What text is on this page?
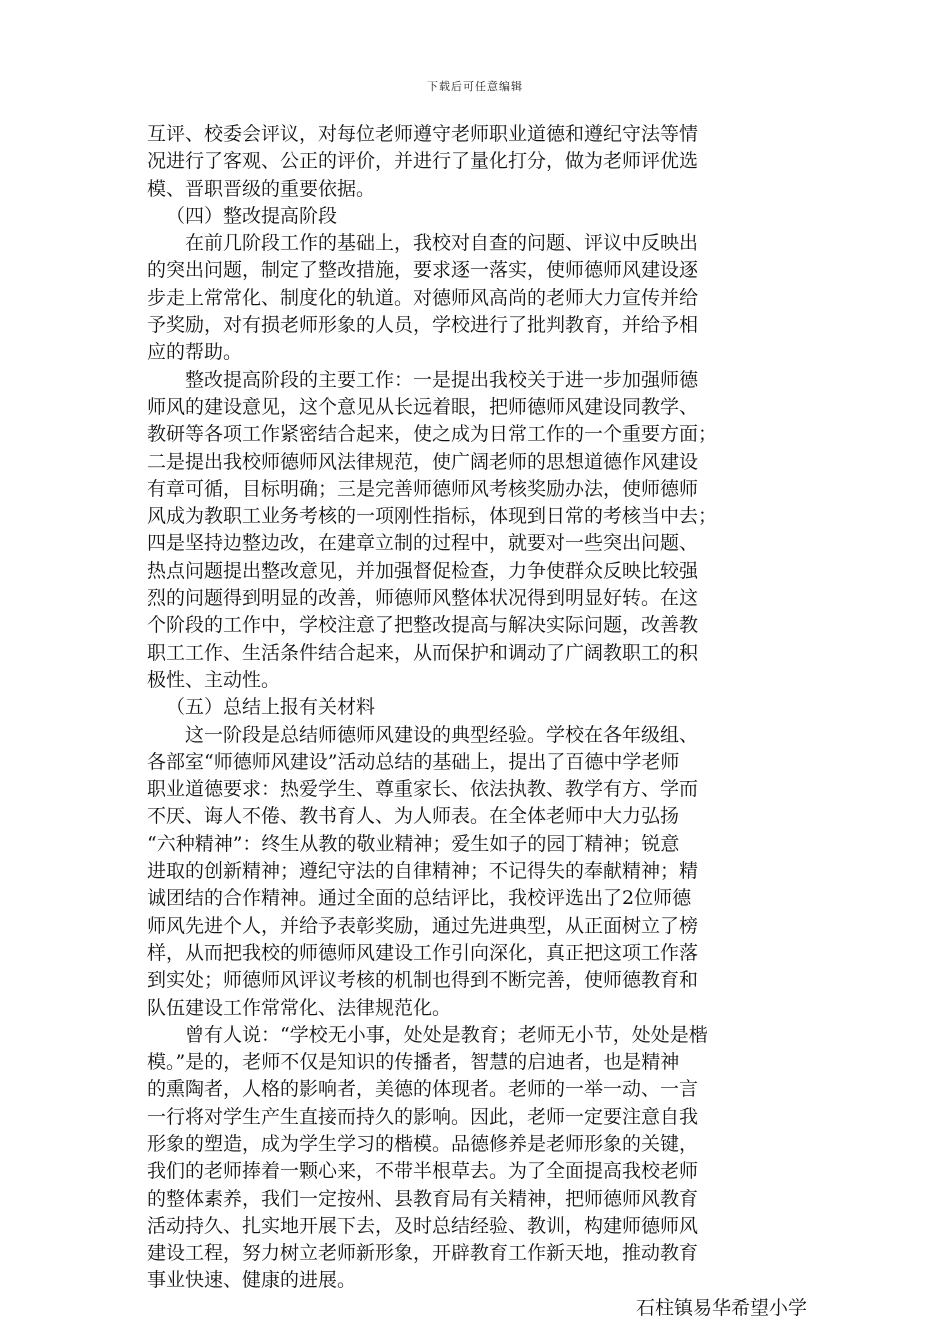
下载后可任意编辑
互评、校委会评议，对每位老师遵守老师职业道德和遵纪守法等情
况进行了客观、公正的评价，并进行了量化打分，做为老师评优选
模、晋职晋级的重要依据。
（四）整改提高阶段
在前几阶段工作的基础上，我校对自查的问题、评议中反映出
的突出问题，制定了整改措施，要求逐一落实，使师德师风建设逐
步走上常常化、制度化的轨道。对德师风高尚的老师大力宣传并给
予奖励，对有损老师形象的人员，学校进行了批判教育，并给予相
应的帮助。
整改提高阶段的主要工作：一是提出我校关于进一步加强师德
师风的建设意见，这个意见从长远着眼，把师德师风建设同教学、
教研等各项工作紧密结合起来，使之成为日常工作的一个重要方面；
二是提出我校师德师风法律规范，使广阔老师的思想道德作风建设
有章可循，目标明确；三是完善师德师风考核奖励办法，使师德师
风成为教职工业务考核的一项刚性指标，体现到日常的考核当中去；
四是坚持边整边改，在建章立制的过程中，就要对一些突出问题、
热点问题提出整改意见，并加强督促检查，力争使群众反映比较强
烈的问题得到明显的改善，师德师风整体状况得到明显好转。在这
个阶段的工作中，学校注意了把整改提高与解决实际问题，改善教
职工工作、生活条件结合起来，从而保护和调动了广阔教职工的积
极性、主动性。
（五）总结上报有关材料
这一阶段是总结师德师风建设的典型经验。学校在各年级组、
各部室“师德师风建设”活动总结的基础上，提出了百德中学老师
职业道德要求：热爱学生、尊重家长、依法执教、教学有方、学而
不厌、诲人不倦、教书育人、为人师表。在全体老师中大力弘扬
“六种精神”：终生从教的敬业精神；爱生如子的园丁精神；锐意
进取的创新精神；遵纪守法的自律精神；不记得失的奉献精神；精
诚团结的合作精神。通过全面的总结评比，我校评选出了2位师德
师风先进个人，并给予表彰奖励，通过先进典型，从正面树立了榜
样，从而把我校的师德师风建设工作引向深化，真正把这项工作落
到实处；师德师风评议考核的机制也得到不断完善，使师德教育和
队伍建设工作常常化、法律规范化。
曾有人说：“学校无小事，处处是教育；老师无小节，处处是楷
模。”是的，老师不仅是知识的传播者，智慧的启迪者，也是精神
的熏陶者，人格的影响者，美德的体现者。老师的一举一动、一言
一行将对学生产生直接而持久的影响。因此，老师一定要注意自我
形象的塑造，成为学生学习的楷模。品德修养是老师形象的关键，
我们的老师捧着一颗心来，不带半根草去。为了全面提高我校老师
的整体素养，我们一定按州、县教育局有关精神，把师德师风教育
活动持久、扎实地开展下去，及时总结经验、教训，构建师德师风
建设工程，努力树立老师新形象，开辟教育工作新天地，推动教育
事业快速、健康的进展。
石柱镇易华希望小学
